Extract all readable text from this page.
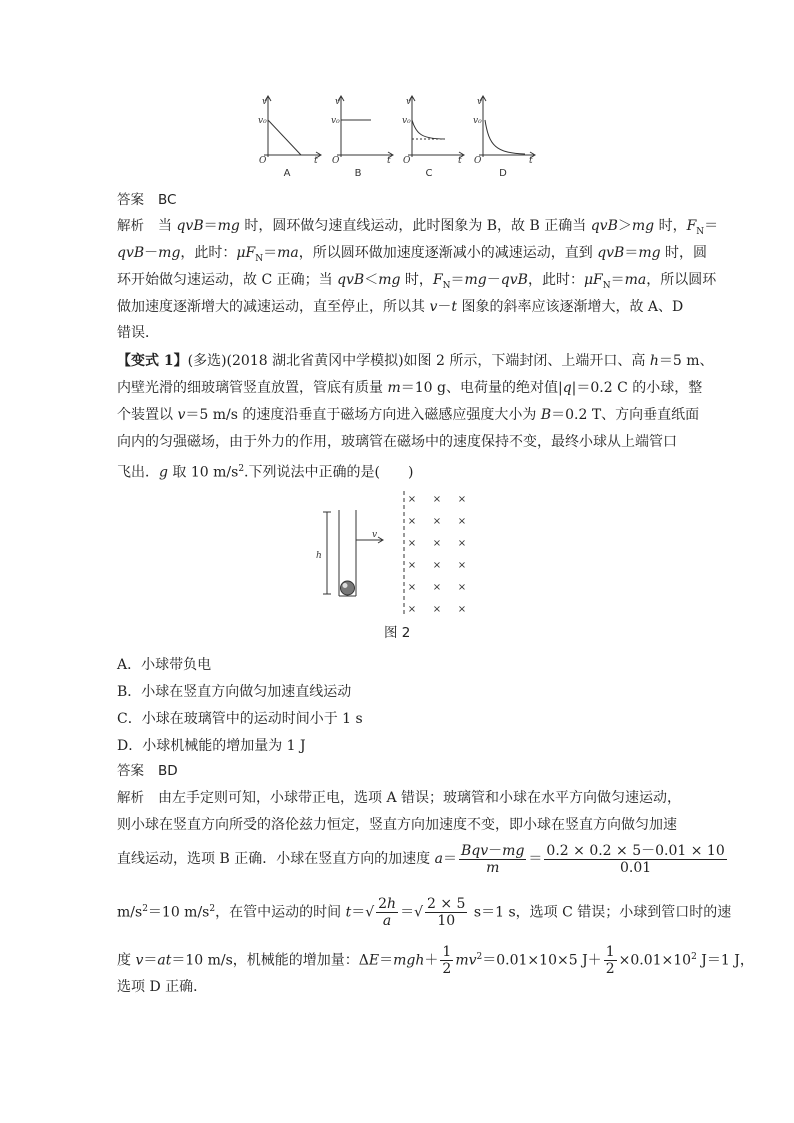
v
v₀
O	t
v
v₀
O	t
v
v₀
O	t
v
v₀
O	t
A	B	C	D
答案 BC
解析 当 qvB＝mg 时，圆环做匀速直线运动，此时图象为 B，故 B 正确当 qvB＞mg 时，$F_N=$
qvB－mg，此时：$\mu F_N=ma$，所以圆环做加速度逐渐减小的减速运动，直到 qvB＝mg 时，圆
环开始做匀速运动，故 C 正确；当 qvB＜mg 时，$F_N=mg-qvB$，此时：$\mu F_N=ma$，所以圆环
做加速度逐渐增大的减速运动，直至停止，所以其 v－t 图象的斜率应该逐渐增大，故 A、D
错误．
【变式 1】(多选)(2018 湖北省黄冈中学模拟)如图 2 所示，下端封闭、上端开口、高 h＝5 m、
内壁光滑的细玻璃管竖直放置，管底有质量 m＝10 g、电荷量的绝对值|q|＝0.2 C 的小球，整
个装置以 v＝5 m/s 的速度沿垂直于磁场方向进入磁感应强度大小为 B＝0.2 T、方向垂直纸面
向内的匀强磁场，由于外力的作用，玻璃管在磁场中的速度保持不变，最终小球从上端管口
飞出．g 取 10 $m/s^2$.下列说法中正确的是(　　)
h
v
× × ×
× × ×
× × ×
× × ×
× × ×
× × ×
图 2
A．小球带负电
B．小球在竖直方向做匀加速直线运动
C．小球在玻璃管中的运动时间小于 1 s
D．小球机械能的增加量为 1 J
答案 BD
解析 由左手定则可知，小球带正电，选项 A 错误；玻璃管和小球在水平方向做匀速运动，
则小球在竖直方向所受的洛伦兹力恒定，竖直方向加速度不变，即小球在竖直方向做匀加速
直线运动，选项 B 正确．小球在竖直方向的加速度 $a= \frac{\text{Bqv－mg}}{m} = \frac{0.2 \times 0.2 \times 5-0.01 \times 10}{0.01}$
$m/s^2=10$ $m/s^2$，在管中运动的时间 $t=√ \frac{2h}{a}$ ＝√ $\frac{2 \times 5}{10} s=1$ s，选项 C 错误；小球到管口时的速
度 v＝at＝10 m/s，机械能的增加量：$\Delta E=mgh+ \frac{1}{2} mv^2=0.01\times 10\times 5$ $J+ \frac{1}{2} \times 0.01\times 10^2$ J＝1 J，
选项 D 正确．
